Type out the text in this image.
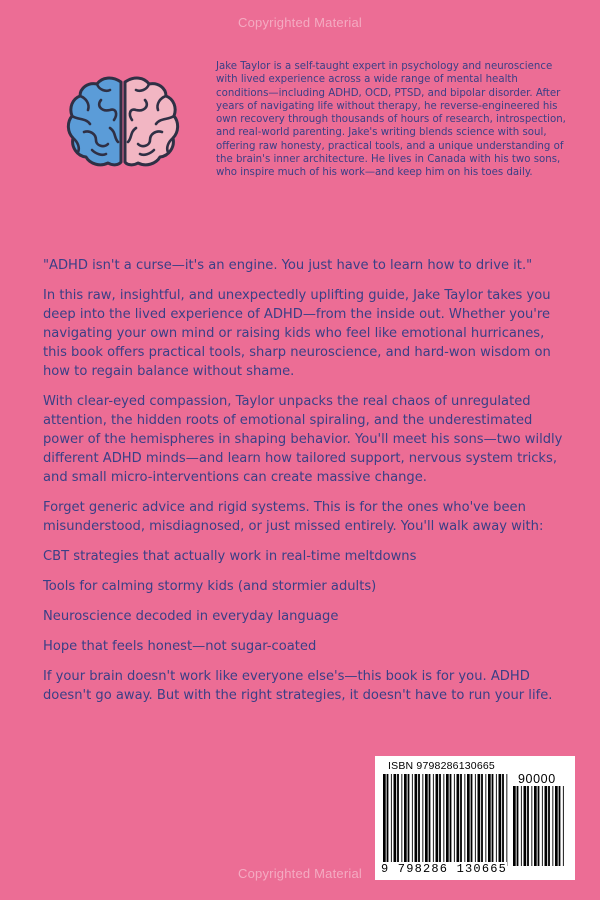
Copyrighted Material

Jake Taylor is a self-taught expert in psychology and neuroscience with lived experience across a wide range of mental health conditions—including ADHD, OCD, PTSD, and bipolar disorder. After years of navigating life without therapy, he reverse-engineered his own recovery through thousands of hours of research, introspection, and real-world parenting. Jake's writing blends science with soul, offering raw honesty, practical tools, and a unique understanding of the brain's inner architecture. He lives in Canada with his two sons, who inspire much of his work—and keep him on his toes daily.

"ADHD isn't a curse—it's an engine. You just have to learn how to drive it."

In this raw, insightful, and unexpectedly uplifting guide, Jake Taylor takes you deep into the lived experience of ADHD—from the inside out. Whether you're navigating your own mind or raising kids who feel like emotional hurricanes, this book offers practical tools, sharp neuroscience, and hard-won wisdom on how to regain balance without shame.

With clear-eyed compassion, Taylor unpacks the real chaos of unregulated attention, the hidden roots of emotional spiraling, and the underestimated power of the hemispheres in shaping behavior. You'll meet his sons—two wildly different ADHD minds—and learn how tailored support, nervous system tricks, and small micro-interventions can create massive change.

Forget generic advice and rigid systems. This is for the ones who've been misunderstood, misdiagnosed, or just missed entirely. You'll walk away with:

CBT strategies that actually work in real-time meltdowns

Tools for calming stormy kids (and stormier adults)

Neuroscience decoded in everyday language

Hope that feels honest—not sugar-coated

If your brain doesn't work like everyone else's—this book is for you. ADHD doesn't go away. But with the right strategies, it doesn't have to run your life.

ISBN 9798286130665
90000
9 798286 130665
Copyrighted Material
